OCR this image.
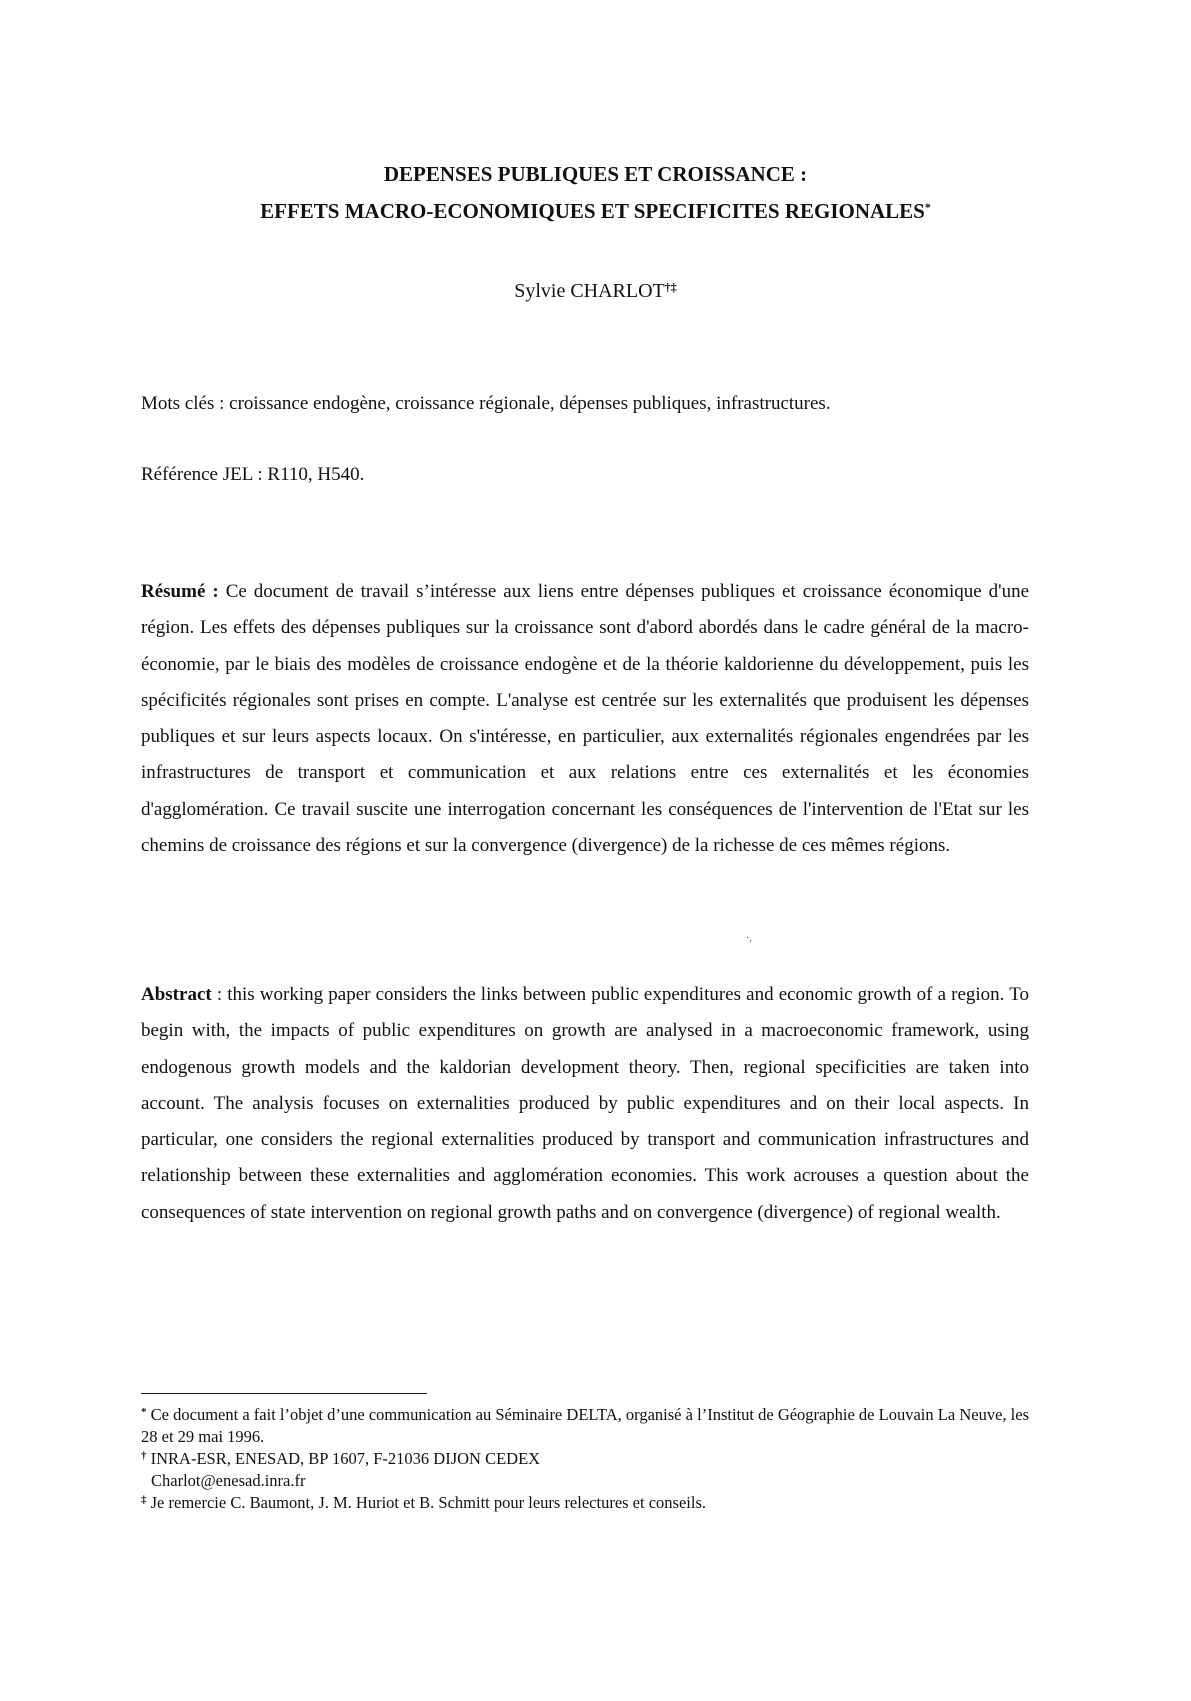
DEPENSES PUBLIQUES ET CROISSANCE :
EFFETS MACRO-ECONOMIQUES ET SPECIFICITES REGIONALES*
Sylvie CHARLOT†‡
Mots clés : croissance endogène, croissance régionale, dépenses publiques, infrastructures.
Référence JEL : R110, H540.
Résumé : Ce document de travail s’intéresse aux liens entre dépenses publiques et croissance économique d'une région. Les effets des dépenses publiques sur la croissance sont d'abord abordés dans le cadre général de la macro-économie, par le biais des modèles de croissance endogène et de la théorie kaldorienne du développement, puis les spécificités régionales sont prises en compte. L'analyse est centrée sur les externalités que produisent les dépenses publiques et sur leurs aspects locaux. On s'intéresse, en particulier, aux externalités régionales engendrées par les infrastructures de transport et communication et aux relations entre ces externalités et les économies d'agglomération. Ce travail suscite une interrogation concernant les conséquences de l'intervention de l'Etat sur les chemins de croissance des régions et sur la convergence (divergence) de la richesse de ces mêmes régions.
·,
Abstract : this working paper considers the links between public expenditures and economic growth of a region. To begin with, the impacts of public expenditures on growth are analysed in a macroeconomic framework, using endogenous growth models and the kaldorian development theory. Then, regional specificities are taken into account. The analysis focuses on externalities produced by public expenditures and on their local aspects. In particular, one considers the regional externalities produced by transport and communication infrastructures and relationship between these externalities and agglomération economies. This work acrouses a question about the consequences of state intervention on regional growth paths and on convergence (divergence) of regional wealth.
* Ce document a fait l’objet d’une communication au Séminaire DELTA, organisé à l’Institut de Géographie de Louvain La Neuve, les 28 et 29 mai 1996.
† INRA-ESR, ENESAD, BP 1607, F-21036 DIJON CEDEX
Charlot@enesad.inra.fr
‡ Je remercie C. Baumont, J. M. Huriot et B. Schmitt pour leurs relectures et conseils.
